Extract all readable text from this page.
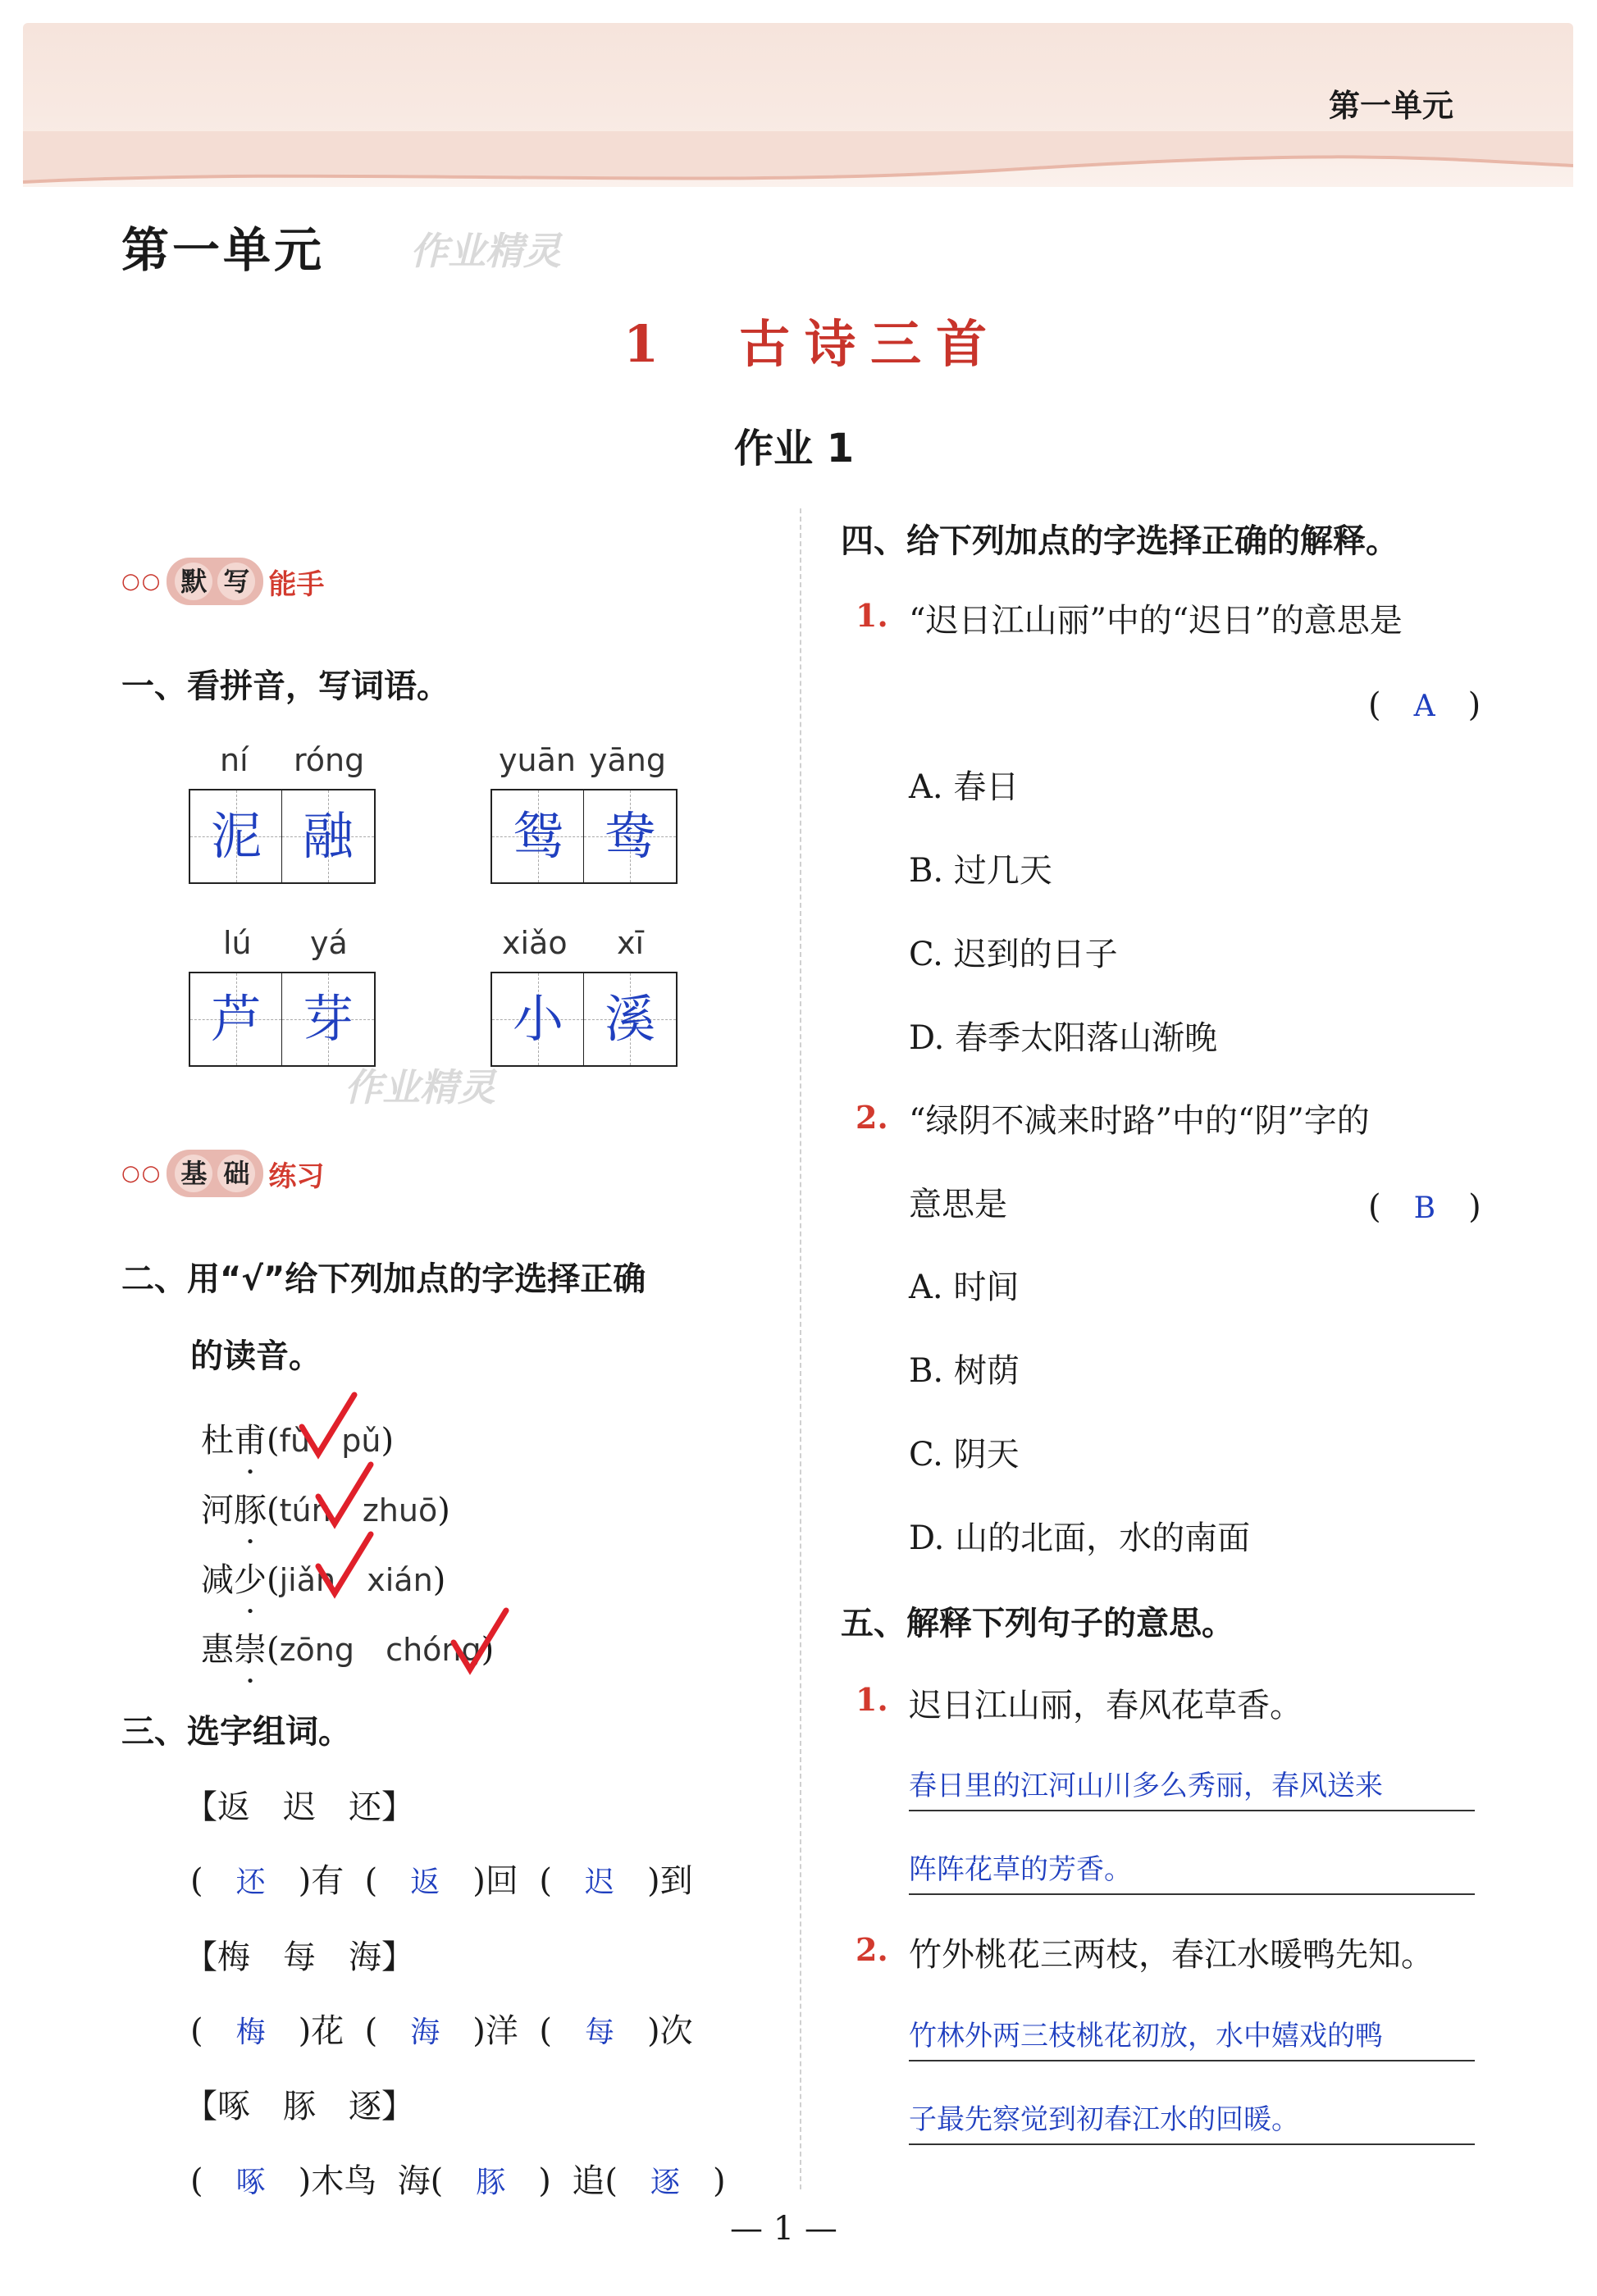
第一单元
第一单元 作业精灵
作业精灵
1　古诗三首
作业 1
○○ 默 写 能手
一、看拼音，写词语。
ní róng
泥 融
yuān yāng
鸳 鸯
lú yá
芦 芽
xiǎo xī
小 溪
○○ 基 础 练习
二、用“√”给下列加点的字选择正确
的读音。
杜甫(fǔ pǔ)
河豚(tún zhuō)
减少(jiǎn xián)
惠崇(zōng chóng)
三、选字组词。
【返　迟　还】
(　还　)有  (　返　)回  (　迟　)到
【梅　每　海】
(　梅　)花  (　海　)洋  (　每　)次
【啄　豚　逐】
(　啄　)木鸟 海(　豚　)  追(　逐　)
四、给下列加点的字选择正确的解释。
1. “迟日江山丽”中的“迟日”的意思是
(　A　)
A. 春日
B. 过几天
C. 迟到的日子
D. 春季太阳落山渐晚
2. “绿阴不减来时路”中的“阴”字的
意思是	(　B　)
A. 时间
B. 树荫
C. 阴天
D. 山的北面，水的南面
五、解释下列句子的意思。
1. 迟日江山丽，春风花草香。
春日里的江河山川多么秀丽，春风送来
阵阵花草的芳香。
2. 竹外桃花三两枝，春江水暖鸭先知。
竹林外两三枝桃花初放，水中嬉戏的鸭
子最先察觉到初春江水的回暖。
— 1 —
